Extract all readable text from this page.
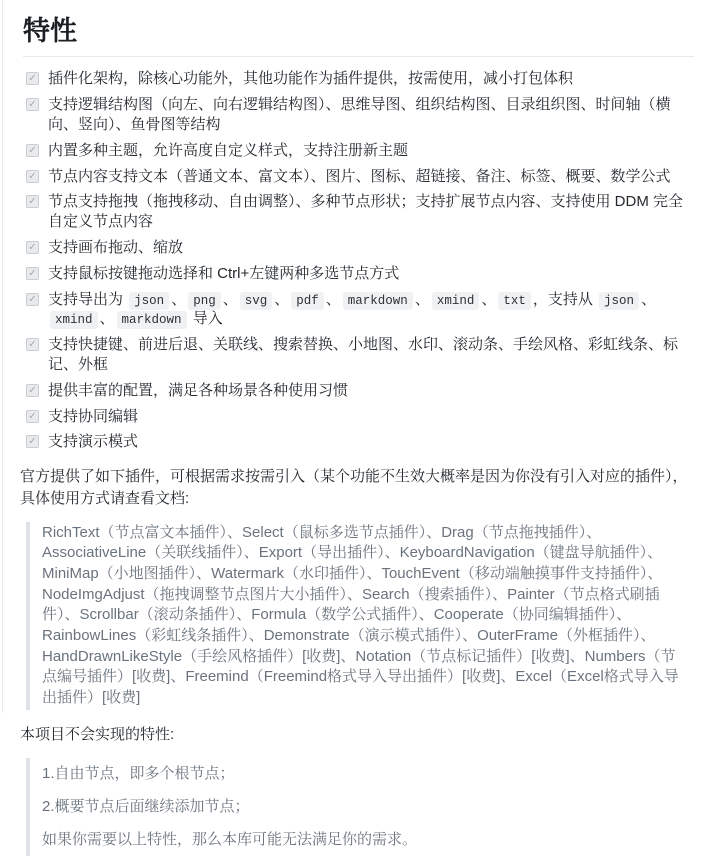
特性
✓ 插件化架构，除核心功能外，其他功能作为插件提供，按需使用，减小打包体积
✓ 支持逻辑结构图（向左、向右逻辑结构图）、思维导图、组织结构图、目录组织图、时间轴（横向、竖向）、鱼骨图等结构
✓ 内置多种主题，允许高度自定义样式，支持注册新主题
✓ 节点内容支持文本（普通文本、富文本）、图片、图标、超链接、备注、标签、概要、数学公式
✓ 节点支持拖拽（拖拽移动、自由调整）、多种节点形状；支持扩展节点内容、支持使用 DDM 完全自定义节点内容
✓ 支持画布拖动、缩放
✓ 支持鼠标按键拖动选择和 Ctrl+左键两种多选节点方式
✓ 支持导出为 json 、 png 、 svg 、 pdf 、 markdown 、 xmind 、 txt ，支持从 json 、xmind 、 markdown 导入
✓ 支持快捷键、前进后退、关联线、搜索替换、小地图、水印、滚动条、手绘风格、彩虹线条、标记、外框
✓ 提供丰富的配置，满足各种场景各种使用习惯
✓ 支持协同编辑
✓ 支持演示模式

官方提供了如下插件，可根据需求按需引入（某个功能不生效大概率是因为你没有引入对应的插件），具体使用方式请查看文档:

RichText（节点富文本插件）、Select（鼠标多选节点插件）、Drag（节点拖拽插件）、AssociativeLine（关联线插件）、Export（导出插件）、KeyboardNavigation（键盘导航插件）、MiniMap（小地图插件）、Watermark（水印插件）、TouchEvent（移动端触摸事件支持插件）、NodeImgAdjust（拖拽调整节点图片大小插件）、Search（搜索插件）、Painter（节点格式刷插件）、Scrollbar（滚动条插件）、Formula（数学公式插件）、Cooperate（协同编辑插件）、RainbowLines（彩虹线条插件）、Demonstrate（演示模式插件）、OuterFrame（外框插件）、HandDrawnLikeStyle（手绘风格插件）[收费]、Notation（节点标记插件）[收费]、Numbers（节点编号插件）[收费]、Freemind（Freemind格式导入导出插件）[收费]、Excel（Excel格式导入导出插件）[收费]

本项目不会实现的特性:

1.自由节点，即多个根节点；

2.概要节点后面继续添加节点；

如果你需要以上特性，那么本库可能无法满足你的需求。
